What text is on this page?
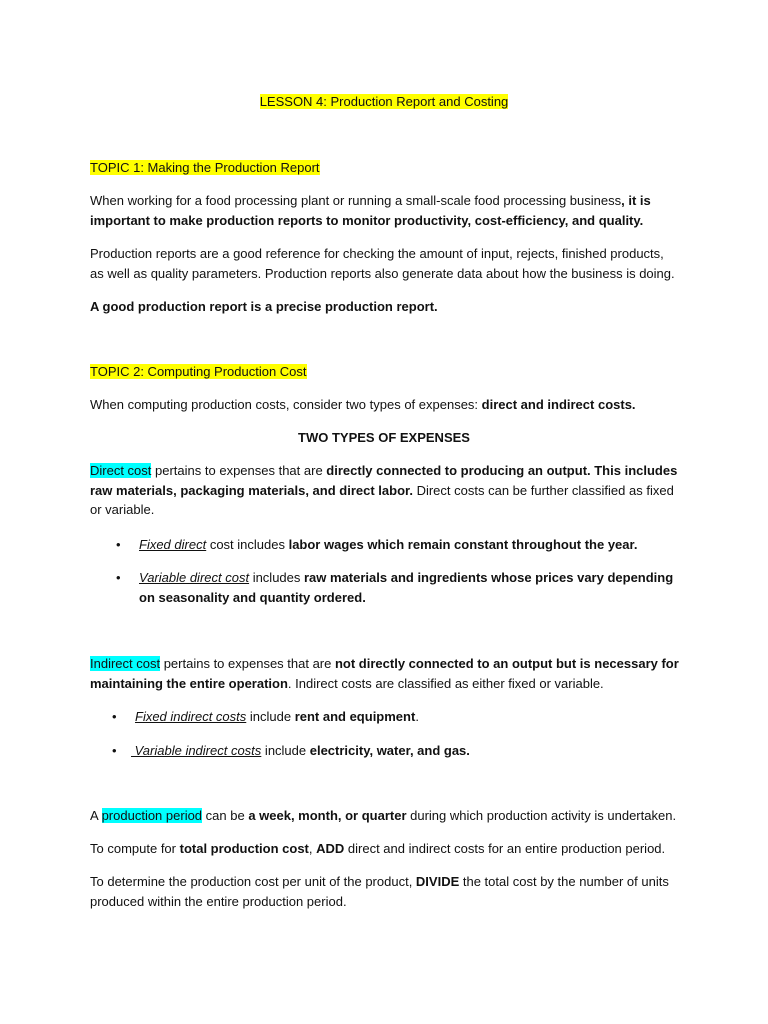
LESSON 4: Production Report and Costing
TOPIC 1: Making the Production Report
When working for a food processing plant or running a small-scale food processing business, it is important to make production reports to monitor productivity, cost-efficiency, and quality.
Production reports are a good reference for checking the amount of input, rejects, finished products, as well as quality parameters. Production reports also generate data about how the business is doing.
A good production report is a precise production report.
TOPIC 2: Computing Production Cost
When computing production costs, consider two types of expenses: direct and indirect costs.
TWO TYPES OF EXPENSES
Direct cost pertains to expenses that are directly connected to producing an output. This includes raw materials, packaging materials, and direct labor. Direct costs can be further classified as fixed or variable.
• Fixed direct cost includes labor wages which remain constant throughout the year.
• Variable direct cost includes raw materials and ingredients whose prices vary depending on seasonality and quantity ordered.
Indirect cost pertains to expenses that are not directly connected to an output but is necessary for maintaining the entire operation. Indirect costs are classified as either fixed or variable.
• Fixed indirect costs include rent and equipment.
• Variable indirect costs include electricity, water, and gas.
A production period can be a week, month, or quarter during which production activity is undertaken.
To compute for total production cost, ADD direct and indirect costs for an entire production period.
To determine the production cost per unit of the product, DIVIDE the total cost by the number of units produced within the entire production period.
